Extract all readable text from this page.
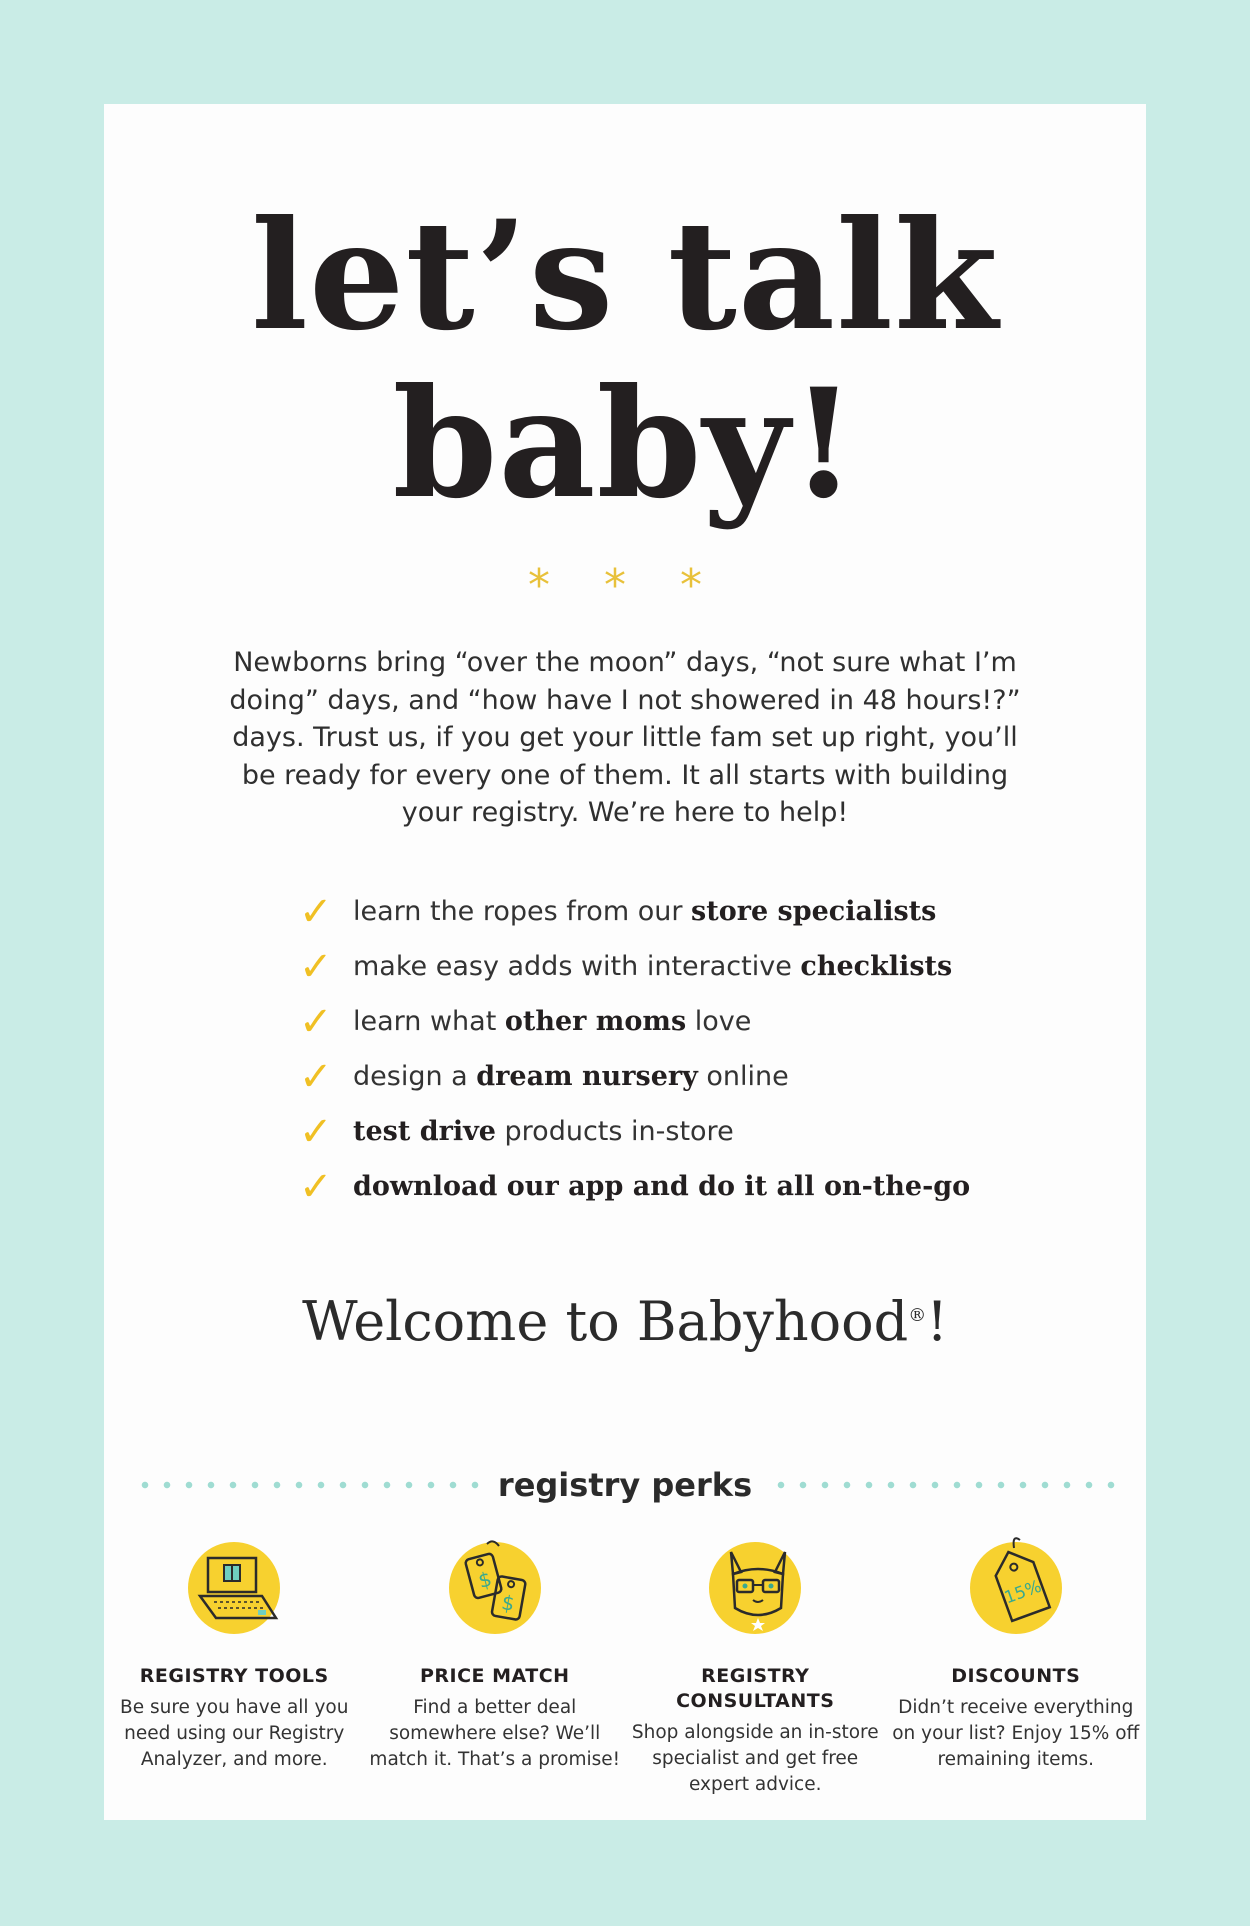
let’s talk
baby!
* * *
Newborns bring “over the moon” days, “not sure what I’m doing” days, and “how have I not showered in 48 hours!?” days. Trust us, if you get your little fam set up right, you’ll be ready for every one of them. It all starts with building your registry. We’re here to help!
✓ learn the ropes from our store specialists
✓ make easy adds with interactive checklists
✓ learn what other moms love
✓ design a dream nursery online
✓ test drive products in-store
✓ download our app and do it all on-the-go
Welcome to Babyhood®!
registry perks
REGISTRY TOOLS

Be sure you have all you need using our Registry Analyzer, and more.

$
$
PRICE MATCH

Find a better deal somewhere else? We’ll match it. That’s a promise!

REGISTRY CONSULTANTS

Shop alongside an in-store specialist and get free expert advice.

15%
DISCOUNTS

Didn’t receive everything on your list? Enjoy 15% off remaining items.
